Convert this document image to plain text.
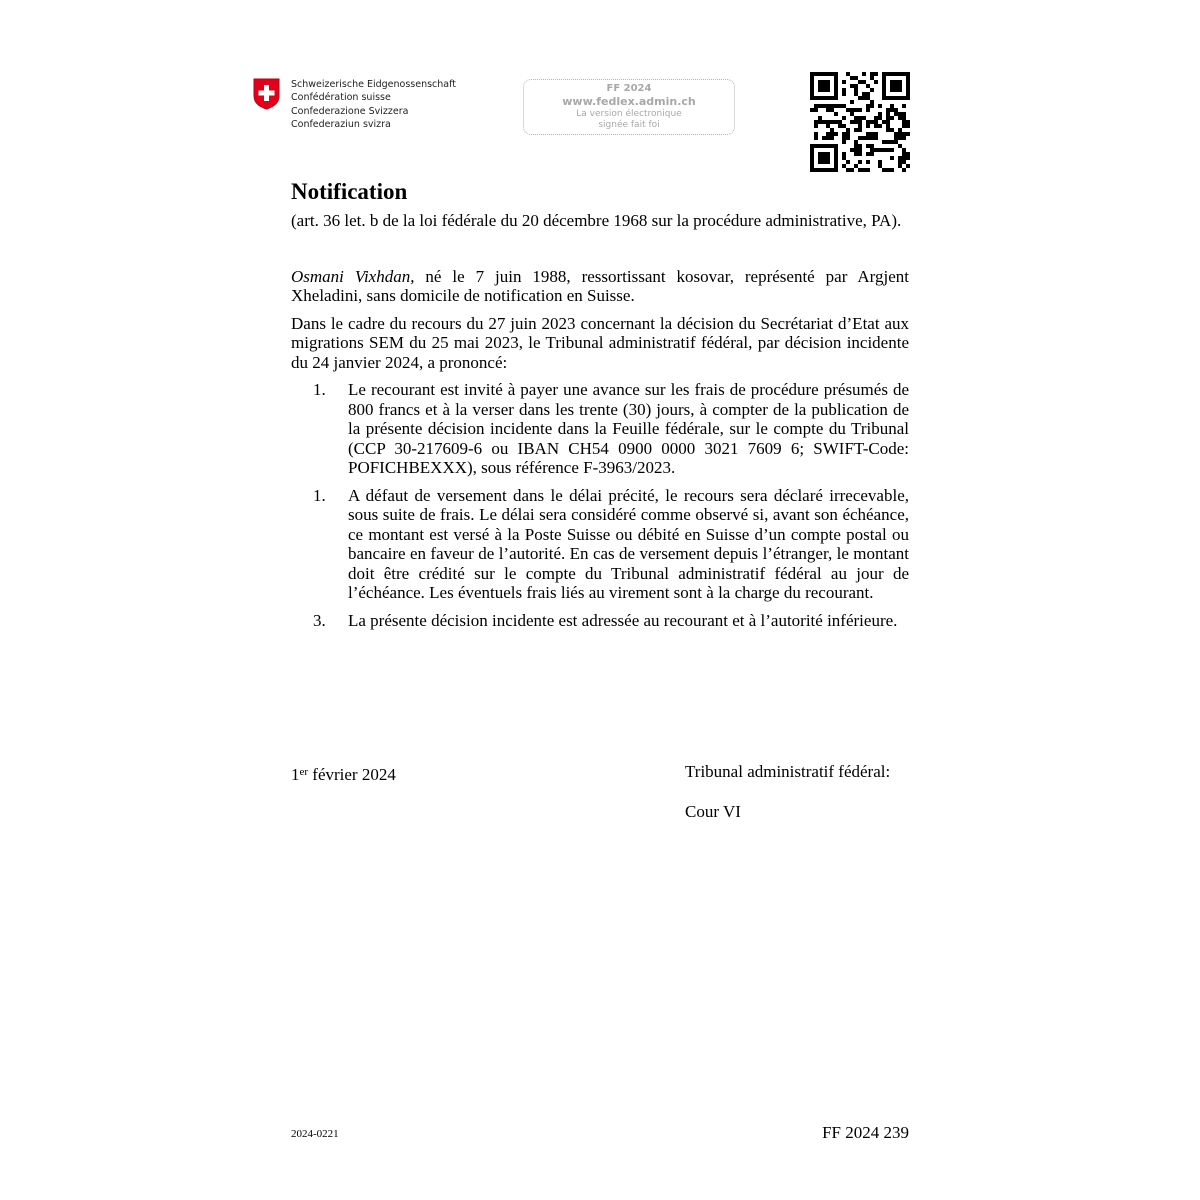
Schweizerische Eidgenossenschaft
Confédération suisse
Confederazione Svizzera
Confederaziun svizra
FF 2024
www.fedlex.admin.ch
La version électronique
signée fait foi
Notification

(art. 36 let. b de la loi fédérale du 20 décembre 1968 sur la procédure administrative, PA).

Osmani Vixhdan, né le 7 juin 1988, ressortissant kosovar, représenté par Argjent Xheladini, sans domicile de notification en Suisse.

Dans le cadre du recours du 27 juin 2023 concernant la décision du Secrétariat d’Etat aux migrations SEM du 25 mai 2023, le Tribunal administratif fédéral, par décision incidente du 24 janvier 2024, a prononcé:

1. Le recourant est invité à payer une avance sur les frais de procédure présumés de 800 francs et à la verser dans les trente (30) jours, à compter de la publication de la présente décision incidente dans la Feuille fédérale, sur le compte du Tribunal (CCP 30-217609-6 ou IBAN CH54 0900 0000 3021 7609 6; SWIFT-Code: POFICHBEXXX), sous référence F-3963/2023.
1. A défaut de versement dans le délai précité, le recours sera déclaré irrecevable, sous suite de frais. Le délai sera considéré comme observé si, avant son échéance, ce montant est versé à la Poste Suisse ou débité en Suisse d’un compte postal ou bancaire en faveur de l’autorité. En cas de versement depuis l’étranger, le montant doit être crédité sur le compte du Tribunal administratif fédéral au jour de l’échéance. Les éventuels frais liés au virement sont à la charge du recourant.
3. La présente décision incidente est adressée au recourant et à l’autorité inférieure.
1er février 2024	Tribunal administratif fédéral:
Cour VI
2024-0221	FF 2024 239
